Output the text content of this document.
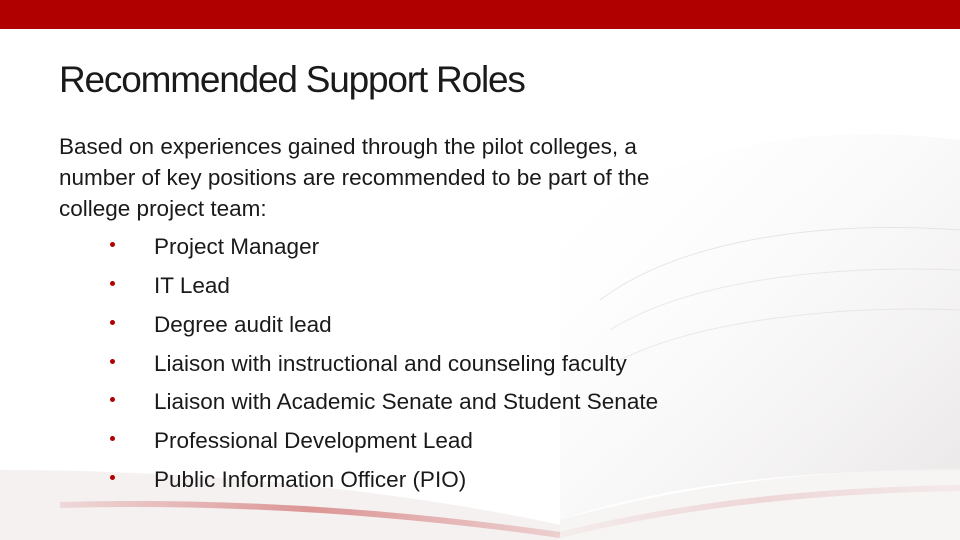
Recommended Support Roles
Based on experiences gained through the pilot colleges, a
number of key positions are recommended to be part of the
college project team:
Project Manager
IT Lead
Degree audit lead
Liaison with instructional and counseling faculty
Liaison with Academic Senate and Student Senate
Professional Development Lead
Public Information Officer (PIO)
